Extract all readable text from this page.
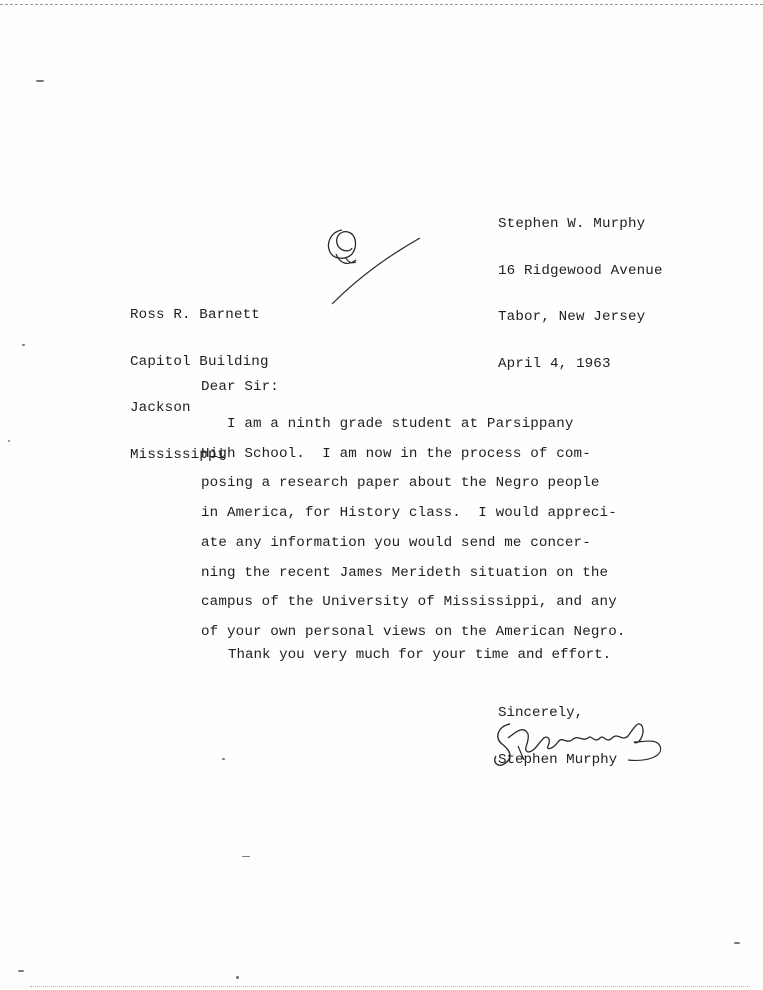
Stephen W. Murphy

16 Ridgewood Avenue

Tabor, New Jersey

April 4, 1963

Ross R. Barnett

Capitol Building

Jackson

Mississippi

Dear Sir:
I am a ninth grade student at Parsippany
High School.  I am now in the process of com-
posing a research paper about the Negro people
in America, for History class.  I would appreci-
ate any information you would send me concer-
ning the recent James Merideth situation on the
campus of the University of Mississippi, and any
of your own personal views on the American Negro.
Thank you very much for your time and effort.
Sincerely,
Stephen Murphy
